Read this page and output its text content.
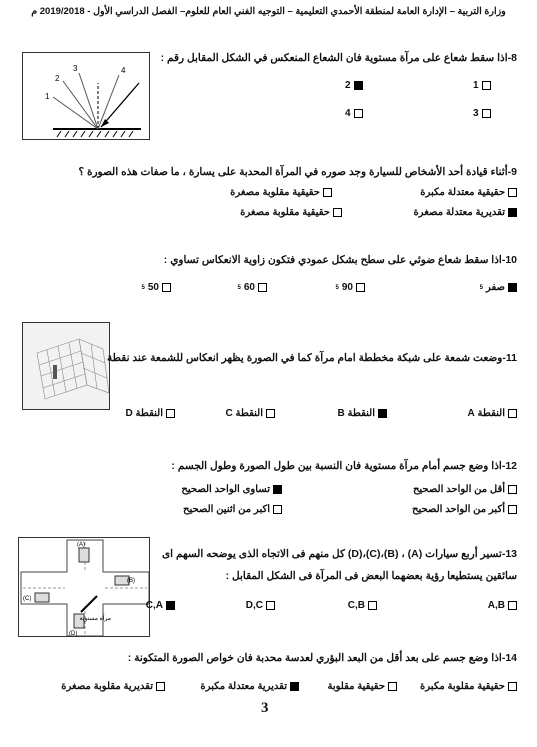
وزارة التربية – الإدارة العامة لمنطقة الأحمدي التعليمية – التوجيه الفني العام للعلوم– الفصل الدراسي الأول - 2019/2018 م
8-اذا سقط شعاع على مرآة مستوية فان الشعاع المنعكس في الشكل المقابل رقم :
1
2
3	4
1
2
3
4
9-أثناء قيادة أحد الأشخاص للسيارة وجد صوره في المرآة المحدبة على يسارة ، ما صفات هذه الصورة ؟
حقيقية معتدلة مكبرة
حقيقية مقلوبة مصغرة
تقديرية معتدلة مصغرة
حقيقية مقلوبة مصغرة
10-اذا سقط شعاع ضوئي على سطح بشكل عمودي فتكون زاوية الانعكاس تساوي :
صفر
5
90
5
60
5
50
5
11-وضعت شمعة على شبكة مخططة امام مرآة كما في الصورة يظهر انعكاس للشمعة عند نقطة
النقطة A
النقطة B
النقطة C
النقطة D
12-اذا وضع جسم أمام مرآة مستوية فان النسبة بين طول الصورة وطول الجسم :
أقل من الواحد الصحيح
تساوى الواحد الصحيح
أكبر من الواحد الصحيح
اكبر من اثنين الصحيح
(A)
(B)
(C)
(D)
مرآة مستوية
13-تسير أربع سيارات (A) ، (B)،(C)،(D) كل منهم فى الاتجاه الذى يوضحه السهم اى
سائقين يستطيعا رؤية بعضهما البعض فى المرآة فى الشكل المقابل :
A,B
C,B
D,C
C,A
14-اذا وضع جسم على بعد أقل من البعد البؤري لعدسة محدبة فان خواص الصورة المتكونة :
حقيقية مقلوبة مكبرة
حقيقية مقلوبة
تقديرية معتدلة مكبرة
تقديرية مقلوبة مصغرة
3
